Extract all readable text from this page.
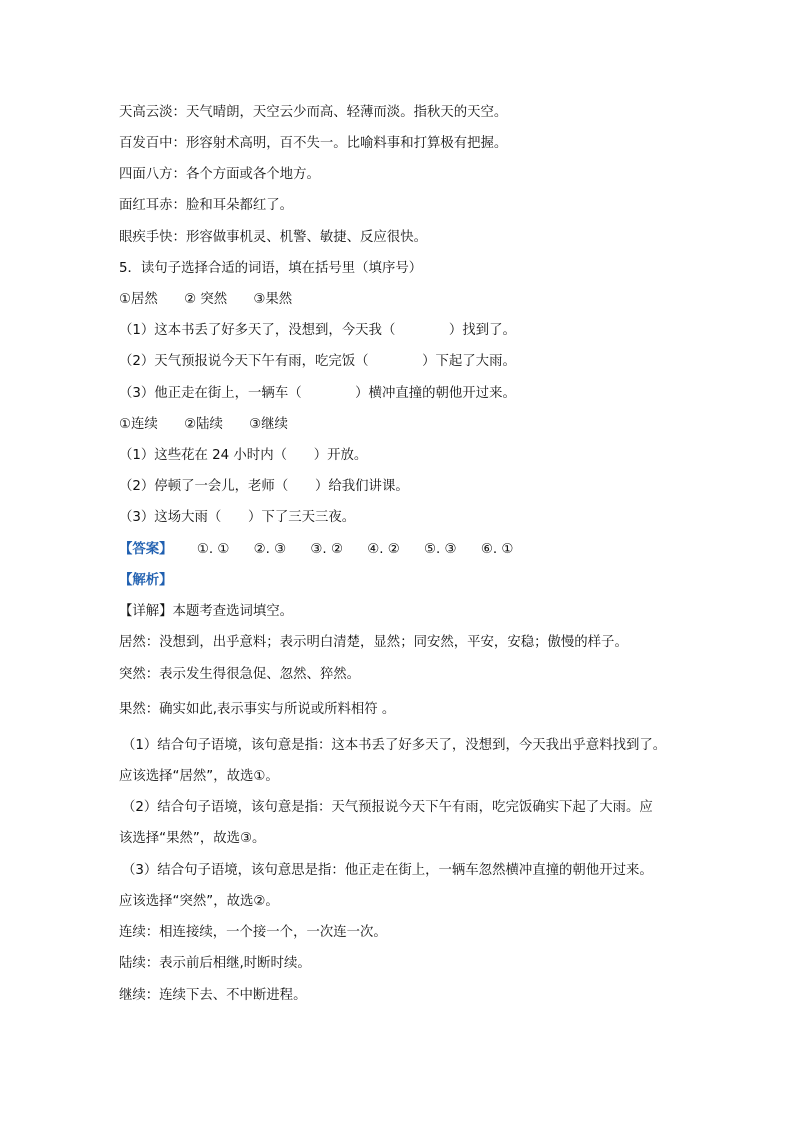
天高云淡：天气晴朗，天空云少而高、轻薄而淡。指秋天的天空。
百发百中：形容射术高明，百不失一。比喻料事和打算极有把握。
四面八方：各个方面或各个地方。
面红耳赤：脸和耳朵都红了。
眼疾手快：形容做事机灵、机警、敏捷、反应很快。
5．读句子选择合适的词语，填在括号里（填序号）
①居然 ② 突然 ③果然
（1）这本书丢了好多天了，没想到，今天我（　　　　）找到了。
（2）天气预报说今天下午有雨，吃完饭（　　　　）下起了大雨。
（3）他正走在街上，一辆车（　　　　）横冲直撞的朝他开过来。
①连续 ②陆续 ③继续
（1）这些花在 24 小时内（　　）开放。
（2）停顿了一会儿，老师（　　）给我们讲课。
（3）这场大雨（　　）下了三天三夜。
【答案】 ①. ① ②. ③ ③. ② ④. ② ⑤. ③ ⑥. ①
【解析】
【详解】本题考查选词填空。
居然：没想到，出乎意料；表示明白清楚，显然；同安然，平安，安稳；傲慢的样子。
突然：表示发生得很急促、忽然、猝然。
果然：确实如此,表示事实与所说或所料相符 。
（1）结合句子语境，该句意是指：这本书丢了好多天了，没想到，今天我出乎意料找到了。
应该选择“居然”，故选①。
（2）结合句子语境，该句意是指：天气预报说今天下午有雨，吃完饭确实下起了大雨。应
该选择“果然”，故选③。
（3）结合句子语境，该句意思是指：他正走在街上，一辆车忽然横冲直撞的朝他开过来。
应该选择“突然”，故选②。
连续：相连接续，一个接一个，一次连一次。
陆续：表示前后相继,时断时续。
继续：连续下去、不中断进程。
